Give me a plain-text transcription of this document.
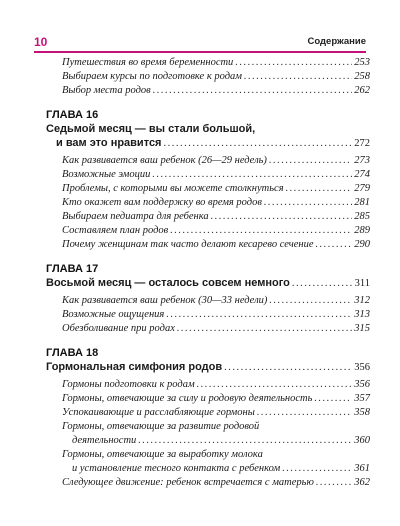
10	Содержание
Путешествия во время беременности .....	253
Выбираем курсы по подготовке к родам .....	258
Выбор места родов .....	262
ГЛАВА 16
Седьмой месяц — вы стали большой,
и вам это нравится .....	272
Как развивается ваш ребенок (26—29 недель) .....	273
Возможные эмоции .....	274
Проблемы, с которыми вы можете столкнуться .....	279
Кто окажет вам поддержку во время родов .....	281
Выбираем педиатра для ребенка .....	285
Составляем план родов .....	289
Почему женщинам так часто делают кесарево сечение .....	290
ГЛАВА 17
Восьмой месяц — осталось совсем немного .....	311
Как развивается ваш ребенок (30—33 недели) .....	312
Возможные ощущения .....	313
Обезболивание при родах .....	315
ГЛАВА 18
Гормональная симфония родов .....	356
Гормоны подготовки к родам .....	356
Гормоны, отвечающие за силу и родовую деятельность .....	357
Успокаивающие и расслабляющие гормоны .....	358
Гормоны, отвечающие за развитие родовой
деятельности .....	360
Гормоны, отвечающие за выработку молока
и установление тесного контакта с ребенком .....	361
Следующее движение: ребенок встречается с матерью .....	362
